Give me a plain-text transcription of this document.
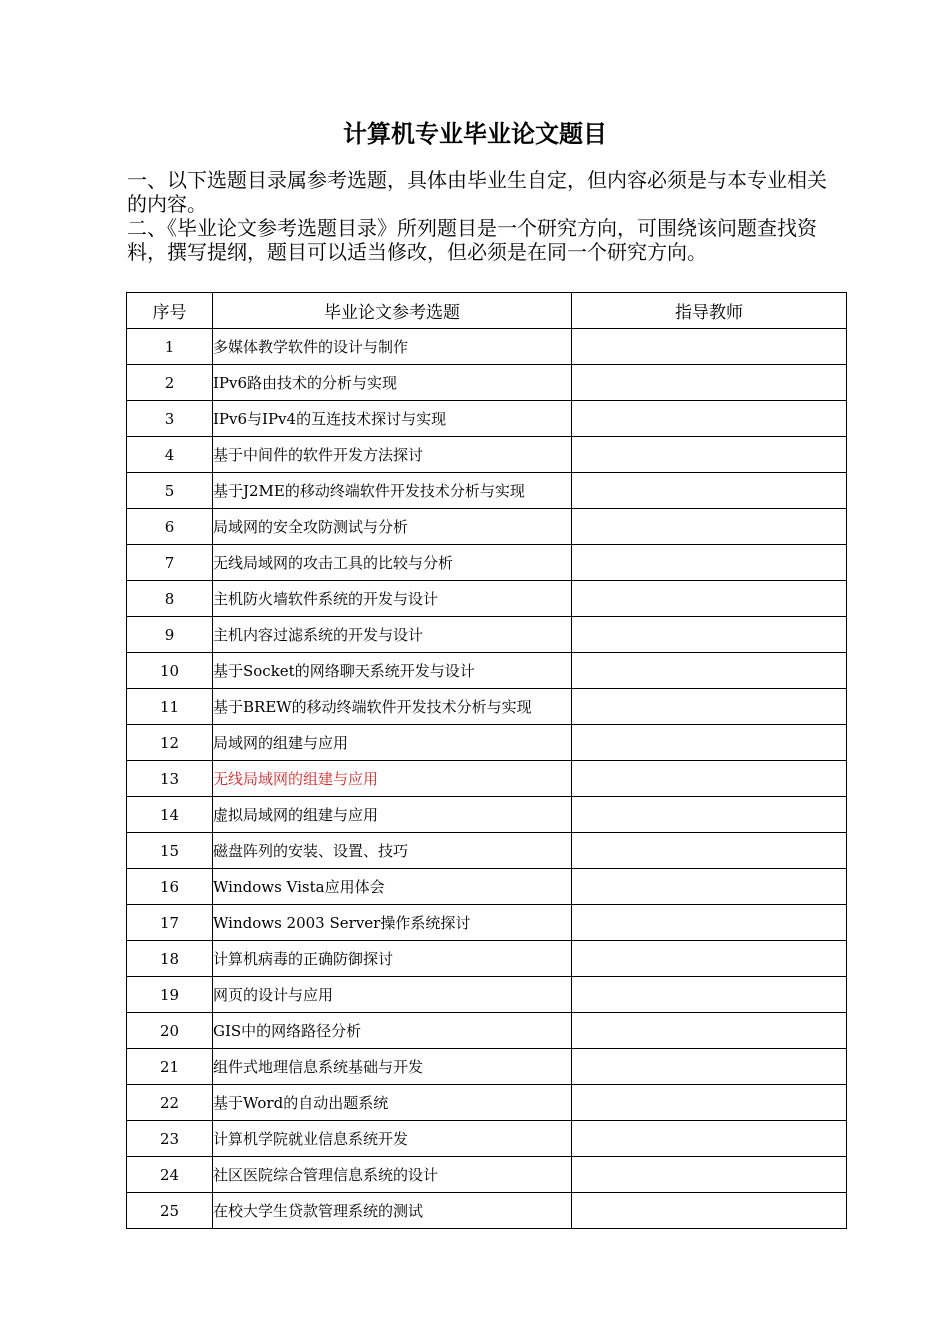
计算机专业毕业论文题目

一、以下选题目录属参考选题，具体由毕业生自定，但内容必须是与本专业相关的内容。

二、《毕业论文参考选题目录》所列题目是一个研究方向，可围绕该问题查找资料，撰写提纲，题目可以适当修改，但必须是在同一个研究方向。

序号	毕业论文参考选题	指导教师
1	多媒体教学软件的设计与制作	
2	IPv6路由技术的分析与实现	
3	IPv6与IPv4的互连技术探讨与实现	
4	基于中间件的软件开发方法探讨	
5	基于J2ME的移动终端软件开发技术分析与实现	
6	局域网的安全攻防测试与分析	
7	无线局域网的攻击工具的比较与分析	
8	主机防火墙软件系统的开发与设计	
9	主机内容过滤系统的开发与设计	
10	基于Socket的网络聊天系统开发与设计	
11	基于BREW的移动终端软件开发技术分析与实现	
12	局域网的组建与应用	
13	无线局域网的组建与应用	
14	虚拟局域网的组建与应用	
15	磁盘阵列的安装、设置、技巧	
16	Windows Vista应用体会	
17	Windows 2003 Server操作系统探讨	
18	计算机病毒的正确防御探讨	
19	网页的设计与应用	
20	GIS中的网络路径分析	
21	组件式地理信息系统基础与开发	
22	基于Word的自动出题系统	
23	计算机学院就业信息系统开发	
24	社区医院综合管理信息系统的设计	
25	在校大学生贷款管理系统的测试	
